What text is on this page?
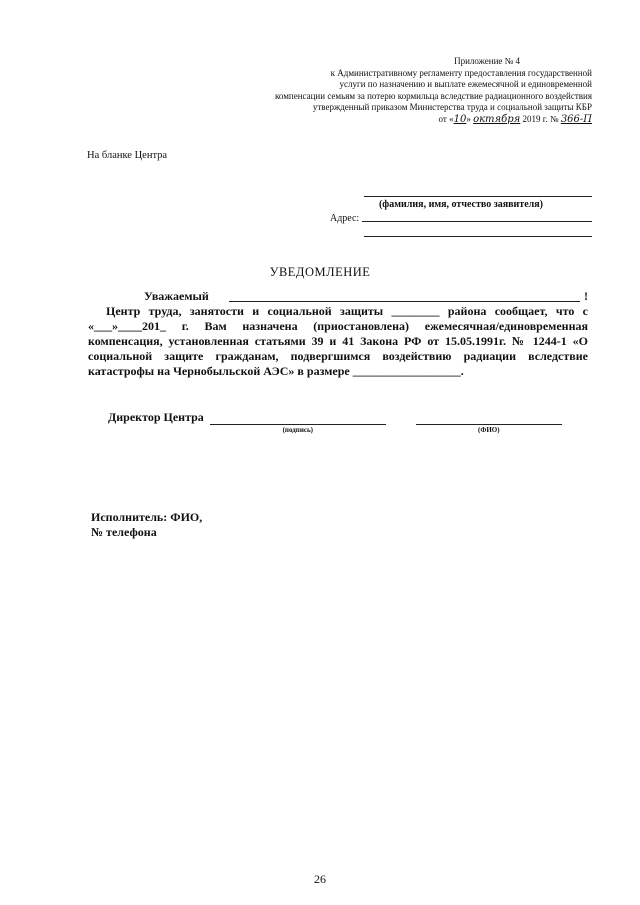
Приложение № 4
к Административному регламенту предоставления государственной
услуги по назначению и выплате ежемесячной и единовременной
компенсации семьям за потерю кормильца вследствие радиационного воздействия
утвержденный приказом Министерства труда и социальной защиты КБР
от «10» октября 2019 г. № 366-П
На бланке Центра
(фамилия, имя, отчество заявителя)
Адрес:
УВЕДОМЛЕНИЕ
Уважаемый	!

Центр труда, занятости и социальной защиты ________ района сообщает, что с «___»____201_ г. Вам назначена (приостановлена) ежемесячная/единовременная компенсация, установленная статьями 39 и 41 Закона РФ от 15.05.1991г. № 1244-1 «О социальной защите гражданам, подвергшимся воздействию радиации вследствие катастрофы на Чернобыльской АЭС» в размере __________________.

Директор Центра
(подпись)	(ФИО)
Исполнитель: ФИО,
№ телефона
26
